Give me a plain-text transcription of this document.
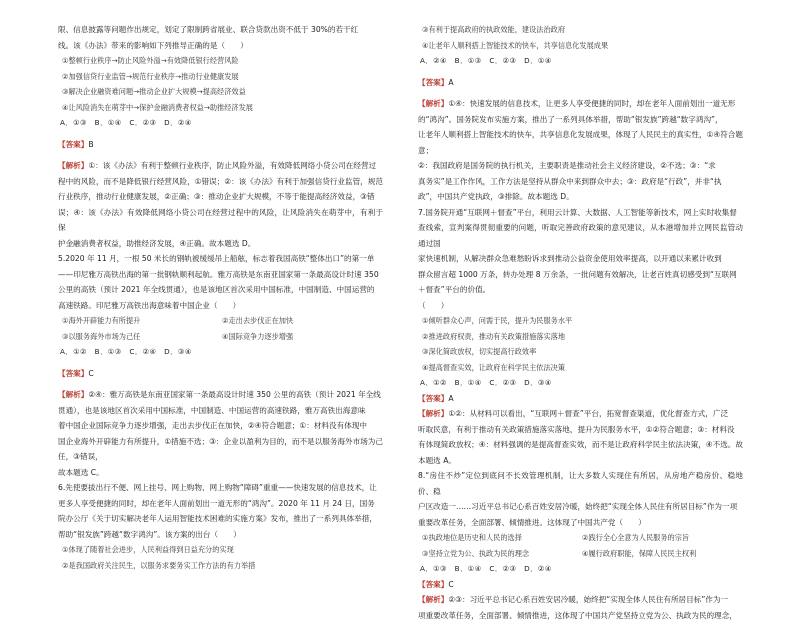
限、信息披露等问题作出规定，划定了限制跨省展业、联合贷款出资不低于 30%的若干红

线。该《办法》带来的影响如下列推导正确的是（　　）

①整顿行业秩序→防止风险外溢→有效降低银行经营风险

②加强信贷行业监管→规范行业秩序→推动行业健康发展

③解决企业融资难问题→推动企业扩大规模→提高经济效益

④让风险消失在萌芽中→保护金融消费者权益→助推经济发展

A．①③　B．①④　C．②③　D．②④

【答案】B

【解析】①：该《办法》有利于整顿行业秩序，防止风险外溢，有效降低网络小贷公司在经营过

程中的风险，而不是降低银行经营风险，①错误；②：该《办法》有利于加强信贷行业监管，规范

行业秩序，推动行业健康发展，②正确；③：推动企业扩大规模，不等于能提高经济效益，③错

误；④：该《办法》有效降低网络小贷公司在经营过程中的风险，让风险消失在萌芽中，有利于保

护金融消费者权益，助推经济发展，④正确。故本题选 D。

5.2020 年 11 月，一根 50 米长的钢轨被缓缓吊上船舷，标志着我国高铁“整体出口”的第一单

——印尼雅万高铁出海的第一批钢轨顺利起航。雅万高铁是东南亚国家第一条最高设计时速 350

公里的高铁（预计 2021 年全线贯通），也是该地区首次采用中国标准，中国制造、中国运营的

高速铁路。印尼雅万高铁出海意味着中国企业（　　）

①海外开辟能力有所提升	②走出去步伐正在加快
③以服务海外市场为己任	④国际竞争力逐步增强

A．①②　B．①③　C．②④　D．③④

【答案】C

【解析】②④：雅万高铁是东南亚国家第一条最高设计时速 350 公里的高铁（预计 2021 年全线

贯通），也是该地区首次采用中国标准，中国制造、中国运营的高速铁路，雅万高铁出海意味

着中国企业国际竞争力逐步增强，走出去步伐正在加快，②④符合题意；①：材料没有体现中

国企业海外开辟能力有所提升，①措施不选；③：企业以盈利为目的，而不是以服务海外市场为己任，③错误，

故本题选 C。

6.先使要拔出行不便、网上挂号、网上购物、网上购物“障碍”重重——快速发展的信息技术，让

更多人享受便捷的同时，却在老年人面前划出一道无形的“鸿沟”。2020 年 11 月 24 日，国务

院办公厅《关于切实解决老年人运用智能技术困难的实施方案》发布，推出了一系列具体举措，

帮助“银发族”跨越“数字鸿沟”。该方案的出台（　　）

①体现了随着社会进步，人民利益得到日益充分的实现

②是我国政府关注民生，以服务求要务实工作方法的有力举措

③有利于提高政府的执政效能，建设法治政府

④让老年人顺利搭上智能技术的快车，共享信息化发展成果

A．②④　B．①③　C．②③　D．①④

【答案】A

【解析】①④：快速发展的信息技术，让更多人享受便捷的同时，却在老年人面前划出一道无形

的“鸿沟”。国务院发布实施方案，推出了一系列具体举措，帮助“银发族”跨越“数字鸿沟”，

让老年人顺利搭上智能技术的快车，共享信息化发展成果，体现了人民民主的真实性，①④符合题意；

②：我国政府是国务院的执行机关，主要职责是推动社会主义经济建设，②不选；③：“求

真务实”是工作作风，工作方法是坚持从群众中来到群众中去；③：政府是“行政”，并非“执

政”，中国共产党执政，③排除。故本题选 D。

7.国务院开通“互联网＋督查”平台，利用云计算、大数据、人工智能等新技术，网上实时收集督

查线索，宣判案得贯彻重要的问题，听取完善政府政策的意见建议，从本港增加并立网民监管动通过国

家快速机制，从解决群众急难愁盼诉求到推动公益资金使用效率提高，以开通以来累计收到

群众留言超 1000 万条，转办处理 8 万余条，一批问题有效解决，让老百姓真切感受到“互联网

＋督查”平台的价值。

（　　）

①倾听群众心声，问需于民，提升为民服务水平

②推进政府权责，推动有关政策措施落实落地

③深化简政放权，切实提高行政效率

④提高督查实效，让政府在科学民主依法决策

A．①②　B．①④　C．②③　D．③④

【答案】A

【解析】①②：从材料可以看出，“互联网＋督查”平台，拓宽督查渠道，优化督查方式，广泛

听取民意，有利于推动有关政策措施落实落地，提升为民服务水平，①②符合题意；③：材料没

有体现简政放权；④：材料强调的是提高督查实效，而不是让政府科学民主依法决策，④不选。故本题选 A。

8.“房住不炒”定位到底问不长效管理机制，让大多数人实现住有所居，从房地产稳房价、稳地价、稳

户区改造一……习近平总书记心系百姓安居冷暖，始终把“实现全体人民住有所居目标”作为一项

重要改革任务，全面部署、倾情推进。这体现了中国共产党（　　）

①执政地位是历史和人民的选择	②践行全心全意为人民服务的宗旨
③坚持立党为公、执政为民的理念	④履行政府职能，保障人民民主权利

A．①③　B．①④　C．②③　D．②④

【答案】C

【解析】②③：习近平总书记心系百姓安居冷暖，始终把“实现全体人民住有所居目标”作为一

项重要改革任务，全面部署、倾情推进，这体现了中国共产党坚持立党为公、执政为民的理念，
